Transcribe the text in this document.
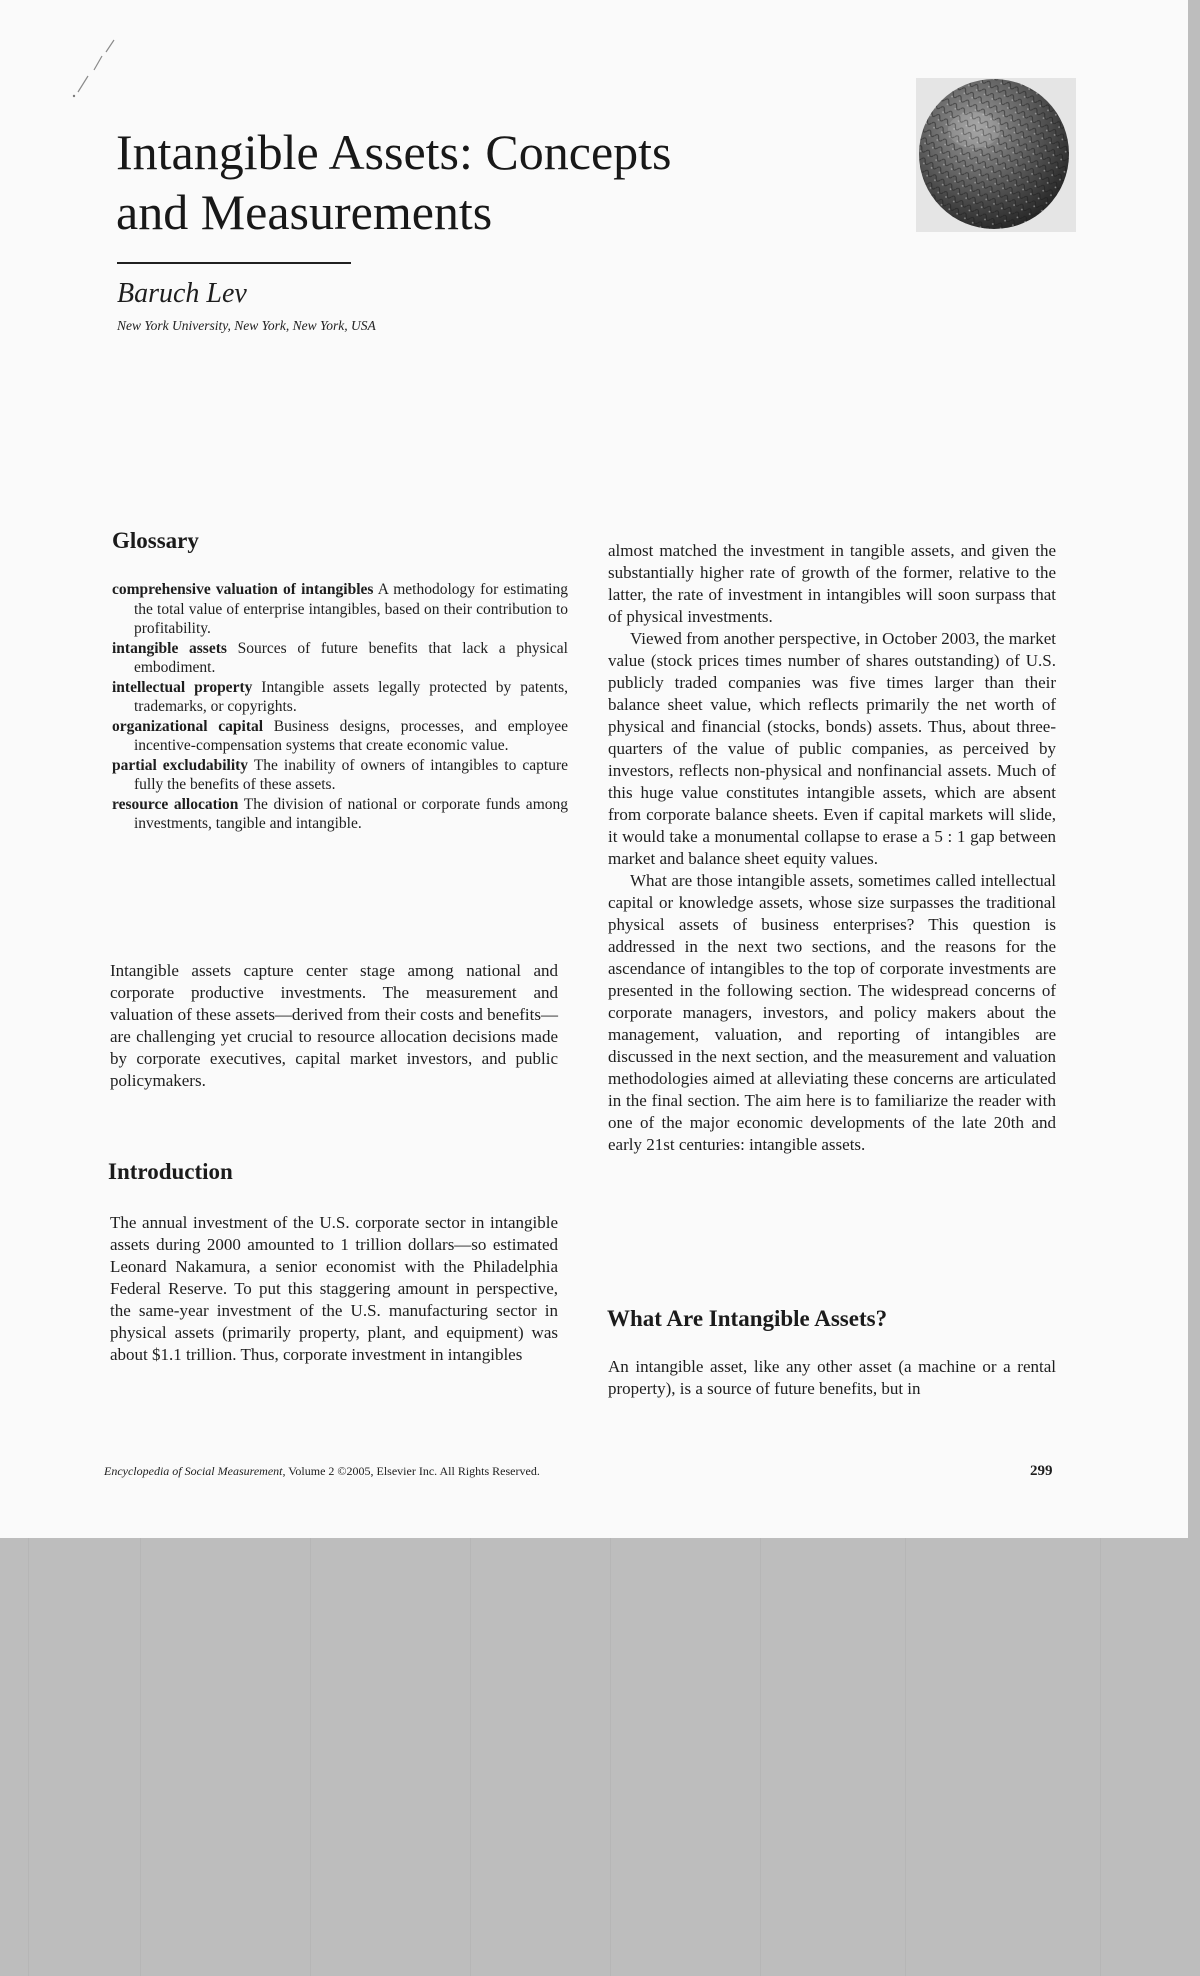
Intangible Assets: Concepts
and Measurements
Baruch Lev
New York University, New York, New York, USA
Glossary

comprehensive valuation of intangibles A methodology for estimating the total value of enterprise intangibles, based on their contribution to profitability.

intangible assets Sources of future benefits that lack a physical embodiment.

intellectual property Intangible assets legally protected by patents, trademarks, or copyrights.

organizational capital Business designs, processes, and employee incentive-compensation systems that create economic value.

partial excludability The inability of owners of intangibles to capture fully the benefits of these assets.

resource allocation The division of national or corporate funds among investments, tangible and intangible.

Intangible assets capture center stage among national and corporate productive investments. The measurement and valuation of these assets—derived from their costs and benefits—are challenging yet crucial to resource allocation decisions made by corporate executives, capital market investors, and public policymakers.

Introduction

The annual investment of the U.S. corporate sector in intangible assets during 2000 amounted to 1 trillion dollars—so estimated Leonard Nakamura, a senior economist with the Philadelphia Federal Reserve. To put this staggering amount in perspective, the same-year investment of the U.S. manufacturing sector in physical assets (primarily property, plant, and equipment) was about $1.1 trillion. Thus, corporate investment in intangibles

almost matched the investment in tangible assets, and given the substantially higher rate of growth of the former, relative to the latter, the rate of investment in intangibles will soon surpass that of physical investments.

Viewed from another perspective, in October 2003, the market value (stock prices times number of shares outstanding) of U.S. publicly traded companies was five times larger than their balance sheet value, which reflects primarily the net worth of physical and financial (stocks, bonds) assets. Thus, about three-quarters of the value of public companies, as perceived by investors, reflects non-physical and nonfinancial assets. Much of this huge value constitutes intangible assets, which are absent from corporate balance sheets. Even if capital markets will slide, it would take a monumental collapse to erase a 5 : 1 gap between market and balance sheet equity values.

What are those intangible assets, sometimes called intellectual capital or knowledge assets, whose size surpasses the traditional physical assets of business enterprises? This question is addressed in the next two sections, and the reasons for the ascendance of intangibles to the top of corporate investments are presented in the following section. The widespread concerns of corporate managers, investors, and policy makers about the management, valuation, and reporting of intangibles are discussed in the next section, and the measurement and valuation methodologies aimed at alleviating these concerns are articulated in the final section. The aim here is to familiarize the reader with one of the major economic developments of the late 20th and early 21st centuries: intangible assets.

What Are Intangible Assets?

An intangible asset, like any other asset (a machine or a rental property), is a source of future benefits, but in

Encyclopedia of Social Measurement, Volume 2 ©2005, Elsevier Inc. All Rights Reserved.	299
